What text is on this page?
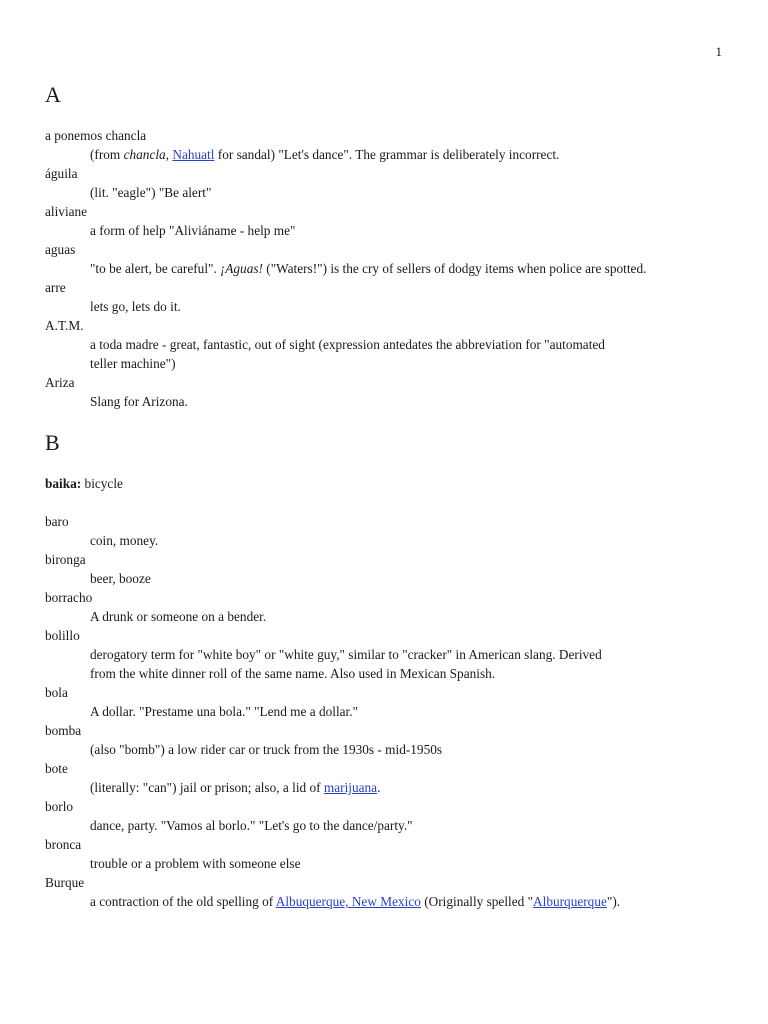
1
A
a ponemos chancla
(from chancla, Nahuatl for sandal) "Let's dance". The grammar is deliberately incorrect.
águila
(lit. "eagle") "Be alert"
aliviane
a form of help "Aliviáname - help me"
aguas
"to be alert, be careful". ¡Aguas! ("Waters!") is the cry of sellers of dodgy items when police are spotted.
arre
lets go, lets do it.
A.T.M.
a toda madre - great, fantastic, out of sight (expression antedates the abbreviation for "automated
teller machine")
Ariza
Slang for Arizona.
B
baika: bicycle
baro
coin, money.
bironga
beer, booze
borracho
A drunk or someone on a bender.
bolillo
derogatory term for "white boy" or "white guy," similar to "cracker" in American slang. Derived
from the white dinner roll of the same name. Also used in Mexican Spanish.
bola
A dollar. "Prestame una bola." "Lend me a dollar."
bomba
(also "bomb") a low rider car or truck from the 1930s - mid-1950s
bote
(literally: "can") jail or prison; also, a lid of marijuana.
borlo
dance, party. "Vamos al borlo." "Let's go to the dance/party."
bronca
trouble or a problem with someone else
Burque
a contraction of the old spelling of Albuquerque, New Mexico (Originally spelled "Alburquerque").
